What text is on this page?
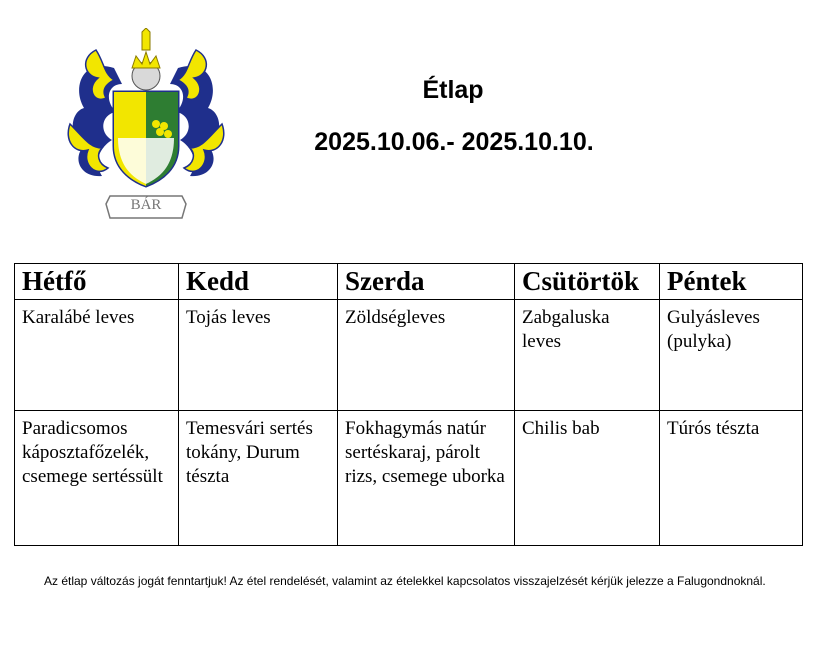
BÁR
Étlap
2025.10.06.- 2025.10.10.
Hétfő	Kedd	Szerda	Csütörtök	Péntek
Karalábé leves	Tojás leves	Zöldségleves	Zabgaluska leves	Gulyásleves (pulyka)
Paradicsomos káposztafőzelék, csemege sertéssült	Temesvári sertés tokány, Durum tészta	Fokhagymás natúr sertéskaraj, párolt rizs, csemege uborka	Chilis bab	Túrós tészta
Az étlap változás jogát fenntartjuk! Az étel rendelését, valamint az ételekkel kapcsolatos visszajelzését kérjük jelezze a Falugondnoknál.
